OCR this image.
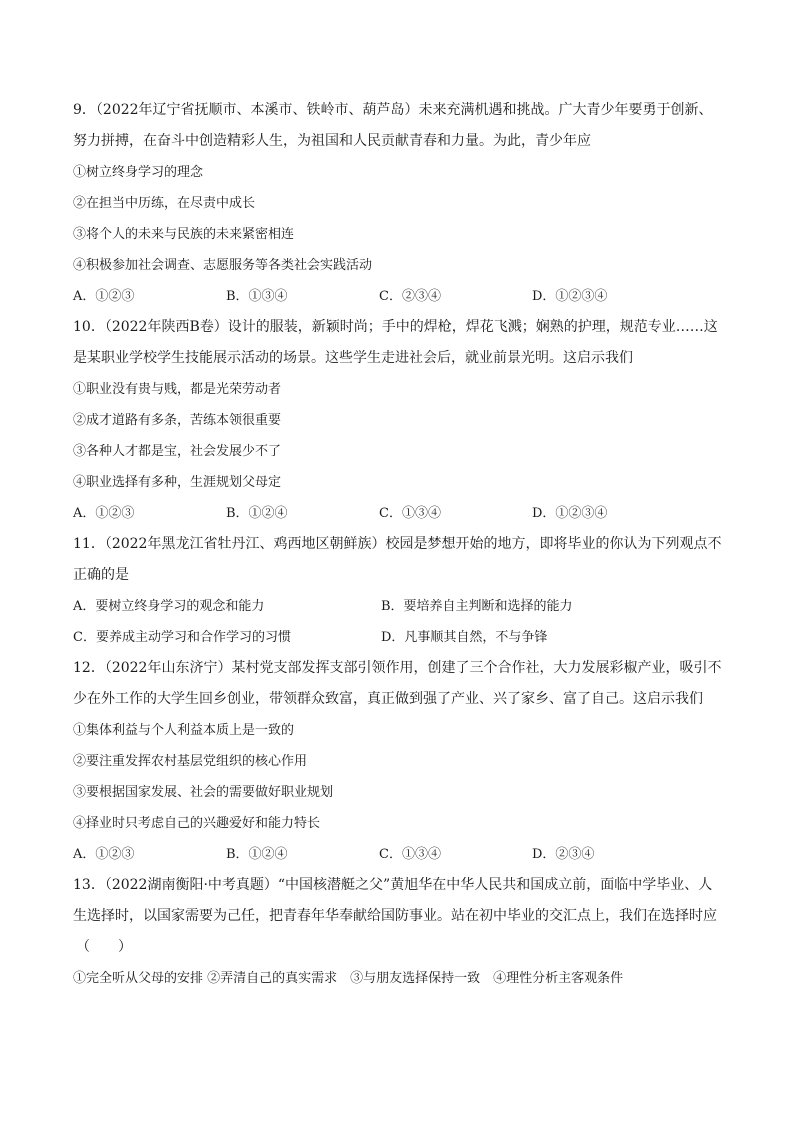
9．（2022年辽宁省抚顺市、本溪市、铁岭市、葫芦岛）未来充满机遇和挑战。广大青少年要勇于创新、努力拼搏，在奋斗中创造精彩人生，为祖国和人民贡献青春和力量。为此，青少年应
①树立终身学习的理念
②在担当中历练，在尽责中成长
③将个人的未来与民族的未来紧密相连
④积极参加社会调查、志愿服务等各类社会实践活动
A．①②③	B．①③④	C．②③④	D．①②③④
10．（2022年陕西B卷）设计的服装，新颖时尚；手中的焊枪，焊花飞溅；娴熟的护理，规范专业……这是某职业学校学生技能展示活动的场景。这些学生走进社会后，就业前景光明。这启示我们
①职业没有贵与贱，都是光荣劳动者
②成才道路有多条，苦练本领很重要
③各种人才都是宝，社会发展少不了
④职业选择有多种，生涯规划父母定
A．①②③	B．①②④	C．①③④	D．①②③④
11．（2022年黑龙江省牡丹江、鸡西地区朝鲜族）校园是梦想开始的地方，即将毕业的你认为下列观点不正确的是
A．要树立终身学习的观念和能力	B．要培养自主判断和选择的能力
C．要养成主动学习和合作学习的习惯	D．凡事顺其自然，不与争锋
12．（2022年山东济宁）某村党支部发挥支部引领作用，创建了三个合作社，大力发展彩椒产业，吸引不少在外工作的大学生回乡创业，带领群众致富，真正做到强了产业、兴了家乡、富了自己。这启示我们
①集体利益与个人利益本质上是一致的
②要注重发挥农村基层党组织的核心作用
③要根据国家发展、社会的需要做好职业规划
④择业时只考虑自己的兴趣爱好和能力特长
A．①②③	B．①②④	C．①③④	D．②③④
13．（2022湖南衡阳·中考真题）“中国核潜艇之父”黄旭华在中华人民共和国成立前，面临中学毕业、人生选择时，以国家需要为己任，把青春年华奉献给国防事业。站在初中毕业的交汇点上，我们在选择时应
（　　）
①完全听从父母的安排 ②弄清自己的真实需求　③与朋友选择保持一致　④理性分析主客观条件
